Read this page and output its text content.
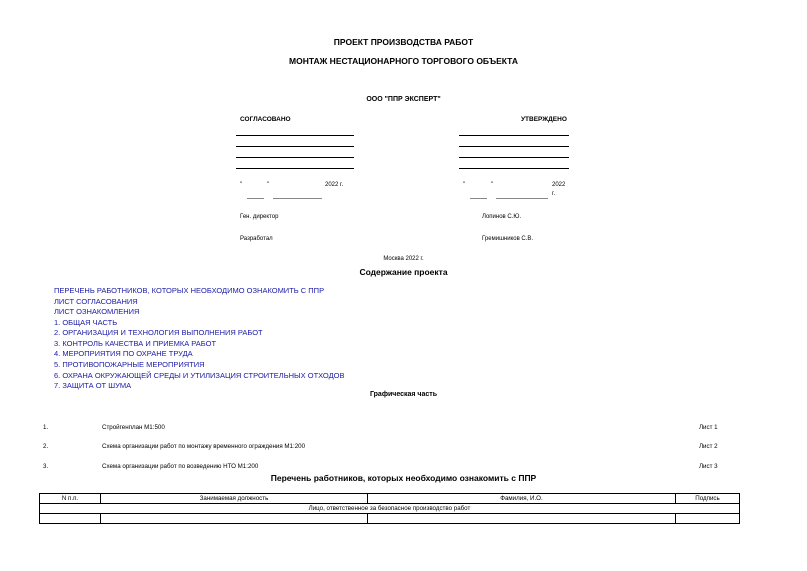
ПРОЕКТ ПРОИЗВОДСТВА РАБОТ
МОНТАЖ НЕСТАЦИОНАРНОГО ТОРГОВОГО ОБЪЕКТА
ООО "ППР ЭКСПЕРТ"
СОГЛАСОВАНО	УТВЕРЖДЕНО
"	"	2022 г.	"	"	2022
г.
Ген. директор	Лопинов С.Ю.
Разработал	Гремишников С.В.
Москва 2022 г.
Содержание проекта
ПЕРЕЧЕНЬ РАБОТНИКОВ, КОТОРЫХ НЕОБХОДИМО ОЗНАКОМИТЬ С ППР
ЛИСТ СОГЛАСОВАНИЯ
ЛИСТ ОЗНАКОМЛЕНИЯ
1. ОБЩАЯ ЧАСТЬ
2. ОРГАНИЗАЦИЯ И ТЕХНОЛОГИЯ ВЫПОЛНЕНИЯ РАБОТ
3. КОНТРОЛЬ КАЧЕСТВА И ПРИЕМКА РАБОТ
4. МЕРОПРИЯТИЯ ПО ОХРАНЕ ТРУДА
5. ПРОТИВОПОЖАРНЫЕ МЕРОПРИЯТИЯ
6. ОХРАНА ОКРУЖАЮЩЕЙ СРЕДЫ И УТИЛИЗАЦИЯ СТРОИТЕЛЬНЫХ ОТХОДОВ
7. ЗАЩИТА ОТ ШУМА
Графическая часть
1.	Стройгенплан М1:500	Лист 1
2.	Схема организации работ по монтажу временного ограждения М1:200	Лист 2
3.	Схема организации работ по возведению НТО М1:200	Лист 3
Перечень работников, которых необходимо ознакомить с ППР
N п.п.	Занимаемая должность	Фамилия, И.О.	Подпись
Лицо, ответственное за безопасное производство работ			
